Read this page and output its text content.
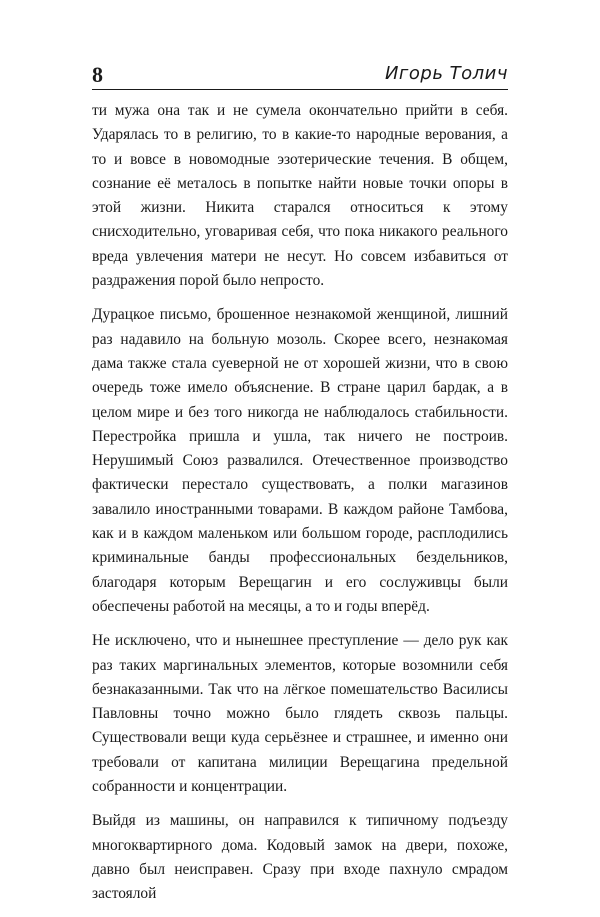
8	Игорь Толич

ти мужа она так и не сумела окончательно прийти в себя. Ударялась то в религию, то в какие-то народные верования, а то и вовсе в новомодные эзотерические течения. В общем, сознание её металось в попытке найти новые точки опоры в этой жизни. Никита старался относиться к этому снисходительно, уговаривая себя, что пока никакого реального вреда увлечения матери не несут. Но совсем избавиться от раздражения порой было непросто.

Дурацкое письмо, брошенное незнакомой женщиной, лишний раз надавило на больную мозоль. Скорее всего, незнакомая дама также стала суеверной не от хорошей жизни, что в свою очередь тоже имело объяснение. В стране царил бардак, а в целом мире и без того никогда не наблюдалось стабильности. Перестройка пришла и ушла, так ничего не построив. Нерушимый Союз развалился. Отечественное производство фактически перестало существовать, а полки магазинов завалило иностранными товарами. В каждом районе Тамбова, как и в каждом маленьком или большом городе, расплодились криминальные банды профессиональных бездельников, благодаря которым Верещагин и его сослуживцы были обеспечены работой на месяцы, а то и годы вперёд.

Не исключено, что и нынешнее преступление — дело рук как раз таких маргинальных элементов, которые возомнили себя безнаказанными. Так что на лёгкое помешательство Василисы Павловны точно можно было глядеть сквозь пальцы. Существовали вещи куда серьёзнее и страшнее, и именно они требовали от капитана милиции Верещагина предельной собранности и концентрации.

Выйдя из машины, он направился к типичному подъезду многоквартирного дома. Кодовый замок на двери, похоже, давно был неисправен. Сразу при входе пахнуло смрадом застоялой
